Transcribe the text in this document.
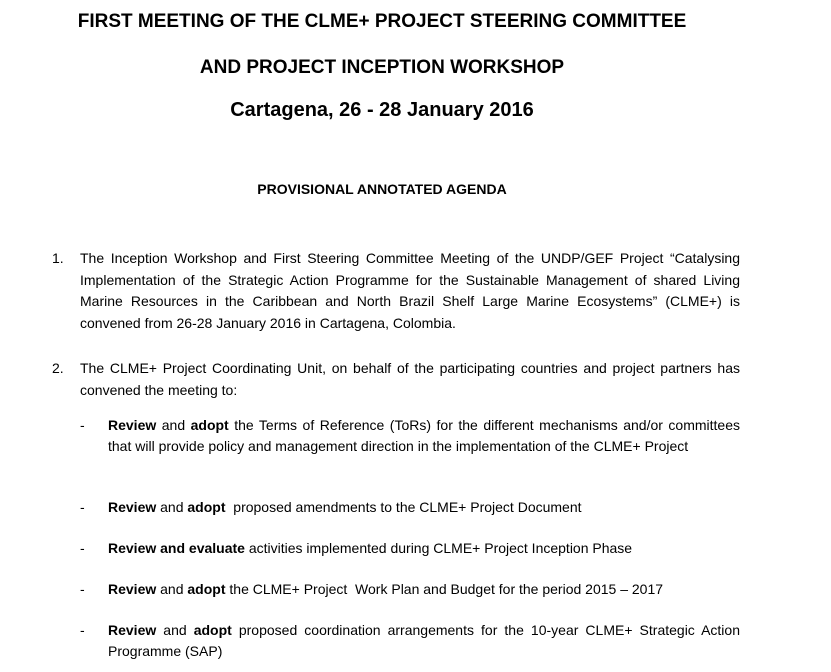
FIRST MEETING OF THE CLME+ PROJECT STEERING COMMITTEE
AND PROJECT INCEPTION WORKSHOP
Cartagena, 26 - 28 January 2016
PROVISIONAL ANNOTATED AGENDA
1. The Inception Workshop and First Steering Committee Meeting of the UNDP/GEF Project “Catalysing Implementation of the Strategic Action Programme for the Sustainable Management of shared Living Marine Resources in the Caribbean and North Brazil Shelf Large Marine Ecosystems” (CLME+) is convened from 26-28 January 2016 in Cartagena, Colombia.
2. The CLME+ Project Coordinating Unit, on behalf of the participating countries and project partners has convened the meeting to:
- Review and adopt the Terms of Reference (ToRs) for the different mechanisms and/or committees that will provide policy and management direction in the implementation of the CLME+ Project
- Review and adopt  proposed amendments to the CLME+ Project Document
- Review and evaluate activities implemented during CLME+ Project Inception Phase
- Review and adopt the CLME+ Project  Work Plan and Budget for the period 2015 – 2017
- Review and adopt proposed coordination arrangements for the 10-year CLME+ Strategic Action Programme (SAP)
